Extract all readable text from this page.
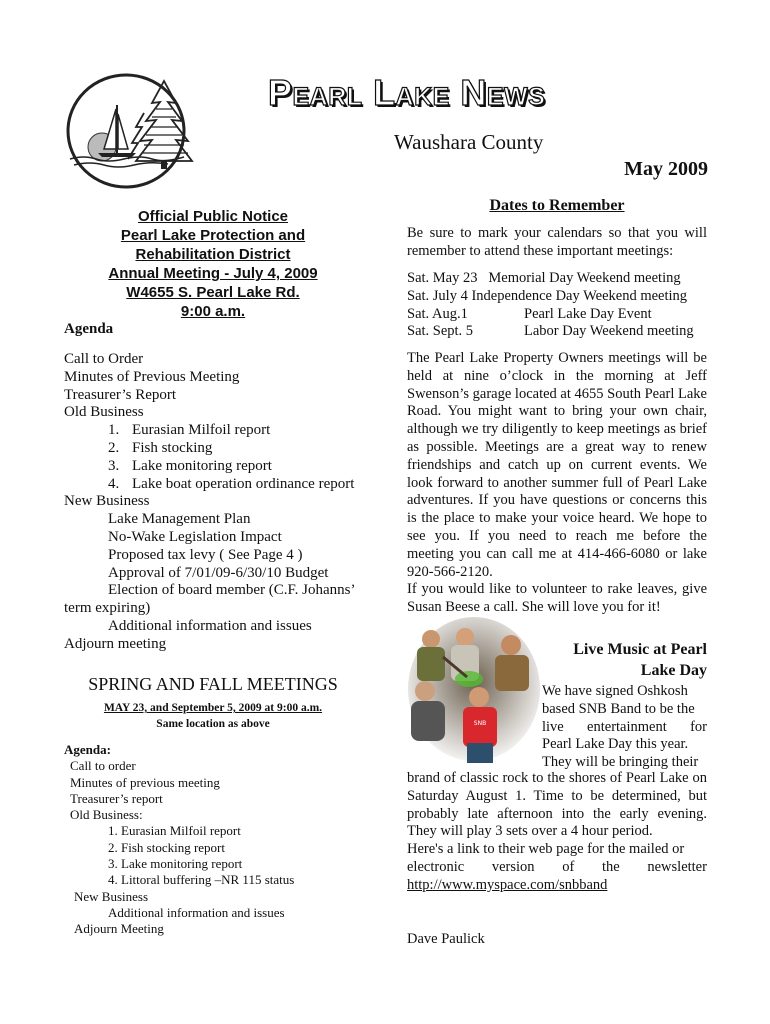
Pearl Lake News
Waushara County
May 2009
Official Public Notice
Pearl Lake Protection and
Rehabilitation District
Annual Meeting - July 4, 2009
W4655 S. Pearl Lake Rd.
9:00 a.m.
Agenda
Call to Order
Minutes of Previous Meeting
Treasurer’s Report
Old Business
1. Eurasian Milfoil report
2. Fish stocking
3. Lake monitoring report
4. Lake boat operation ordinance report
New Business
Lake Management Plan
No-Wake Legislation Impact
Proposed tax levy ( See Page 4 )
Approval of 7/01/09-6/30/10 Budget
Election of board member (C.F. Johanns’
term expiring)
Additional information and issues
Adjourn meeting
SPRING AND FALL MEETINGS
MAY 23, and September 5, 2009 at 9:00 a.m.
Same location as above
Agenda:
Call to order
Minutes of previous meeting
Treasurer’s report
Old Business:
1. Eurasian Milfoil report
2. Fish stocking report
3. Lake monitoring report
4. Littoral buffering –NR 115 status
New Business
Additional information and issues
Adjourn Meeting
Dates to Remember
Be sure to mark your calendars so that you will remember to attend these important meetings:
Sat. May 23
Memorial Day Weekend meeting
Sat. July 4
Independence Day Weekend meeting
Sat. Aug.1	Pearl Lake Day Event
Sat. Sept. 5	Labor Day Weekend meeting
The Pearl Lake Property Owners meetings will be held at nine o’clock in the morning at Jeff Swenson’s garage located at 4655 South Pearl Lake Road. You might want to bring your own chair, although we try diligently to keep meetings as brief as possible. Meetings are a great way to renew friendships and catch up on current events. We look forward to another summer full of Pearl Lake adventures. If you have questions or concerns this is the place to make your voice heard. We hope to see you. If you need to reach me before the meeting you can call me at 414-466-6080 or lake 920-566-2120.
If you would like to volunteer to rake leaves, give Susan Beese a call. She will love you for it!
SNB
Live Music at Pearl
Lake Day
We have signed Oshkosh
based SNB Band to be the
live entertainment for
Pearl Lake Day this year.
They will be bringing their
brand of classic rock to the shores of Pearl Lake on Saturday August 1. Time to be determined, but probably late afternoon into the early evening. They will play 3 sets over a 4 hour period.
Here's a link to their web page for the mailed or
electronic version of the newsletter
http://www.myspace.com/snbband
Dave Paulick
